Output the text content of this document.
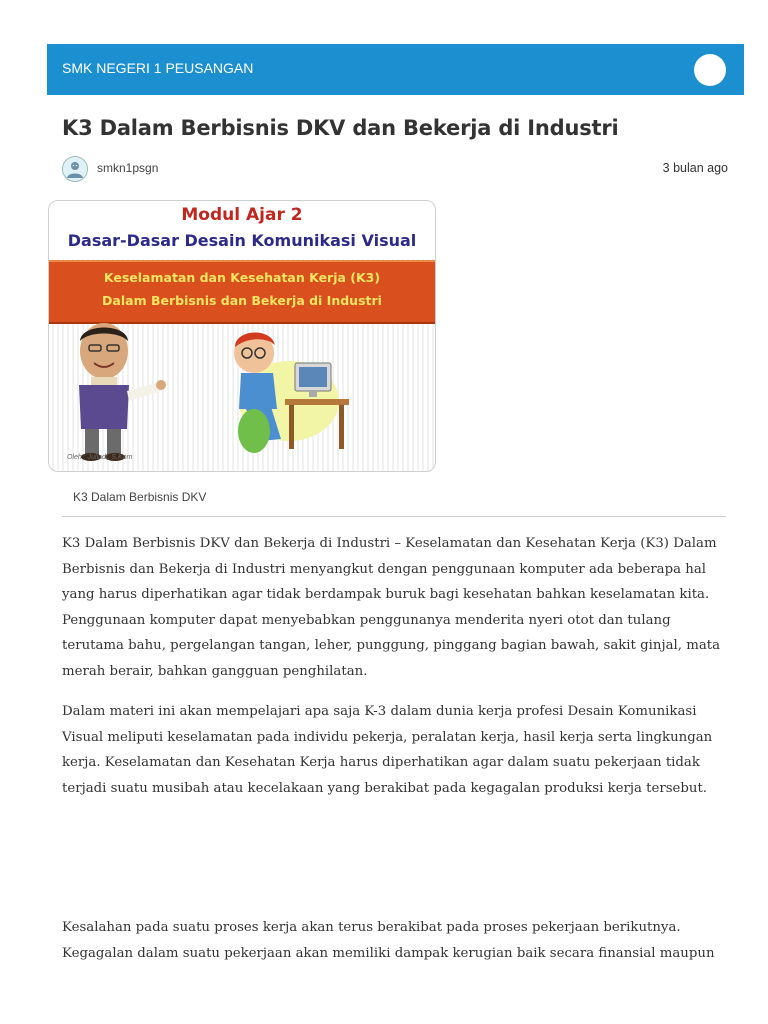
SMK NEGERI 1 PEUSANGAN
K3 Dalam Berbisnis DKV dan Bekerja di Industri
smkn1psgn	3 bulan ago
Modul Ajar 2
Dasar-Dasar Desain Komunikasi Visual
Keselamatan dan Kesehatan Kerja (K3)
Dalam Berbisnis dan Bekerja di Industri
Oleh : Juliadi, S.Kom
K3 Dalam Berbisnis DKV

K3 Dalam Berbisnis DKV dan Bekerja di Industri – Keselamatan dan Kesehatan Kerja (K3) Dalam Berbisnis dan Bekerja di Industri menyangkut dengan penggunaan komputer ada beberapa hal yang harus diperhatikan agar tidak berdampak buruk bagi kesehatan bahkan keselamatan kita. Penggunaan komputer dapat menyebabkan penggunanya menderita nyeri otot dan tulang terutama bahu, pergelangan tangan, leher, punggung, pinggang bagian bawah, sakit ginjal, mata merah berair, bahkan gangguan penghilatan.

Dalam materi ini akan mempelajari apa saja K-3 dalam dunia kerja profesi Desain Komunikasi Visual meliputi keselamatan pada individu pekerja, peralatan kerja, hasil kerja serta lingkungan kerja. Keselamatan dan Kesehatan Kerja harus diperhatikan agar dalam suatu pekerjaan tidak terjadi suatu musibah atau kecelakaan yang berakibat pada kegagalan produksi kerja tersebut.

Kesalahan pada suatu proses kerja akan terus berakibat pada proses pekerjaan berikutnya. Kegagalan dalam suatu pekerjaan akan memiliki dampak kerugian baik secara finansial maupun
